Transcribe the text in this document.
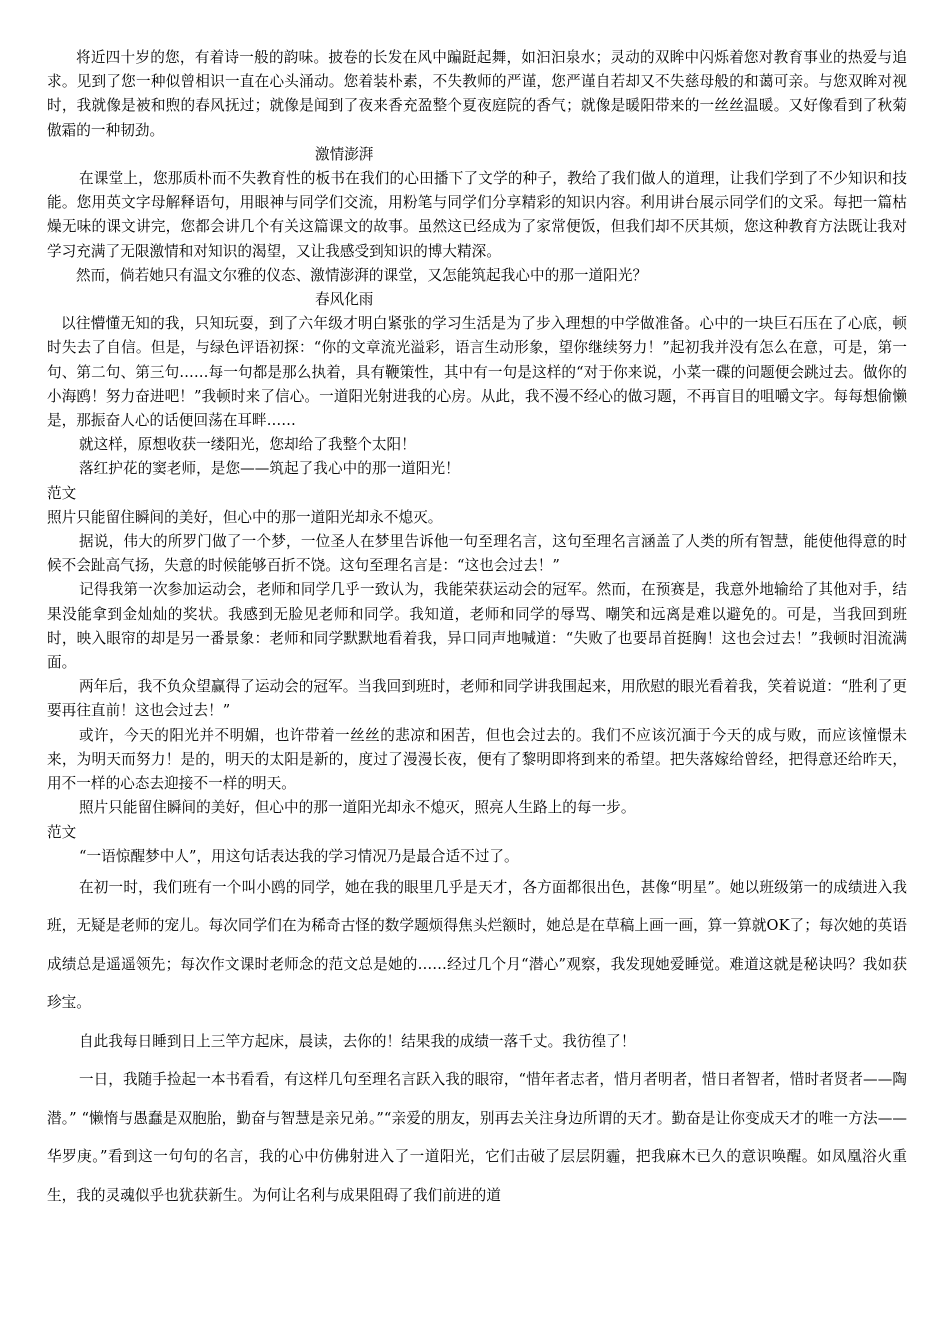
将近四十岁的您，有着诗一般的韵味。披卷的长发在风中蹁跹起舞，如汩汩泉水；灵动的双眸中闪烁着您对教育事业的热爱与追求。见到了您一种似曾相识一直在心头涌动。您着装朴素，不失教师的严谨，您严谨自若却又不失慈母般的和蔼可亲。与您双眸对视时，我就像是被和煦的春风抚过；就像是闻到了夜来香充盈整个夏夜庭院的香气；就像是暖阳带来的一丝丝温暖。又好像看到了秋菊傲霜的一种韧劲。

激情澎湃

在课堂上，您那质朴而不失教育性的板书在我们的心田播下了文学的种子，教给了我们做人的道理，让我们学到了不少知识和技能。您用英文字母解释语句，用眼神与同学们交流，用粉笔与同学们分享精彩的知识内容。利用讲台展示同学们的文采。每把一篇枯燥无味的课文讲完，您都会讲几个有关这篇课文的故事。虽然这已经成为了家常便饭，但我们却不厌其烦，您这种教育方法既让我对学习充满了无限激情和对知识的渴望，又让我感受到知识的博大精深。

然而，倘若她只有温文尔雅的仪态、激情澎湃的课堂，又怎能筑起我心中的那一道阳光？

春风化雨

以往懵懂无知的我，只知玩耍，到了六年级才明白紧张的学习生活是为了步入理想的中学做准备。心中的一块巨石压在了心底，顿时失去了自信。但是，与绿色评语初探：“你的文章流光溢彩，语言生动形象，望你继续努力！”起初我并没有怎么在意，可是，第一句、第二句、第三句……每一句都是那么执着，具有鞭策性，其中有一句是这样的“对于你来说，小菜一碟的问题便会跳过去。做你的小海鸥！努力奋进吧！”我顿时来了信心。一道阳光射进我的心房。从此，我不漫不经心的做习题，不再盲目的咀嚼文字。每每想偷懒是，那振奋人心的话便回荡在耳畔……

就这样，原想收获一缕阳光，您却给了我整个太阳！

落红护花的窦老师，是您——筑起了我心中的那一道阳光！

范文

照片只能留住瞬间的美好，但心中的那一道阳光却永不熄灭。

据说，伟大的所罗门做了一个梦，一位圣人在梦里告诉他一句至理名言，这句至理名言涵盖了人类的所有智慧，能使他得意的时候不会趾高气扬，失意的时候能够百折不饶。这句至理名言是：“这也会过去！”

记得我第一次参加运动会，老师和同学几乎一致认为，我能荣获运动会的冠军。然而，在预赛是，我意外地输给了其他对手，结果没能拿到金灿灿的奖状。我感到无脸见老师和同学。我知道，老师和同学的辱骂、嘲笑和远离是难以避免的。可是，当我回到班时，映入眼帘的却是另一番景象：老师和同学默默地看着我，异口同声地喊道：“失败了也要昂首挺胸！这也会过去！”我顿时泪流满面。

两年后，我不负众望赢得了运动会的冠军。当我回到班时，老师和同学讲我围起来，用欣慰的眼光看着我，笑着说道：“胜利了更要再往直前！这也会过去！”

或许，今天的阳光并不明媚，也许带着一丝丝的悲凉和困苦，但也会过去的。我们不应该沉湎于今天的成与败，而应该憧憬未来，为明天而努力！是的，明天的太阳是新的，度过了漫漫长夜，便有了黎明即将到来的希望。把失落嫁给曾经，把得意还给昨天，用不一样的心态去迎接不一样的明天。

照片只能留住瞬间的美好，但心中的那一道阳光却永不熄灭，照亮人生路上的每一步。

范文

“一语惊醒梦中人”，用这句话表达我的学习情况乃是最合适不过了。

在初一时，我们班有一个叫小鸥的同学，她在我的眼里几乎是天才，各方面都很出色，甚像“明星”。她以班级第一的成绩进入我班，无疑是老师的宠儿。每次同学们在为稀奇古怪的数学题烦得焦头烂额时，她总是在草稿上画一画，算一算就OK了；每次她的英语成绩总是遥遥领先；每次作文课时老师念的范文总是她的……经过几个月“潜心”观察，我发现她爱睡觉。难道这就是秘诀吗？我如获珍宝。

自此我每日睡到日上三竿方起床，晨读，去你的！结果我的成绩一落千丈。我彷徨了！

一日，我随手捡起一本书看看，有这样几句至理名言跃入我的眼帘，“惜年者志者，惜月者明者，惜日者智者，惜时者贤者——陶潜。” “懒惰与愚蠢是双胞胎，勤奋与智慧是亲兄弟。”“亲爱的朋友，别再去关注身边所谓的天才。勤奋是让你变成天才的唯一方法——华罗庚。”看到这一句句的名言，我的心中仿佛射进入了一道阳光，它们击破了层层阴霾，把我麻木已久的意识唤醒。如凤凰浴火重生，我的灵魂似乎也犹获新生。为何让名利与成果阻碍了我们前进的道
